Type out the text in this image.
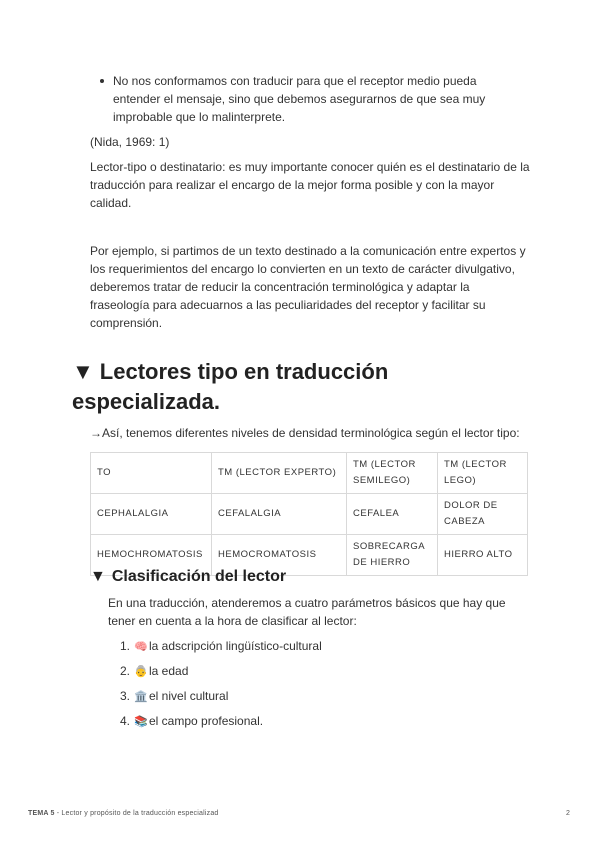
No nos conformamos con traducir para que el receptor medio pueda entender el mensaje, sino que debemos asegurarnos de que sea muy improbable que lo malinterprete.

(Nida, 1969: 1)

Lector-tipo o destinatario: es muy importante conocer quién es el destinatario de la traducción para realizar el encargo de la mejor forma posible y con la mayor calidad.

Por ejemplo, si partimos de un texto destinado a la comunicación entre expertos y los requerimientos del encargo lo convierten en un texto de carácter divulgativo, deberemos tratar de reducir la concentración terminológica y adaptar la fraseología para adecuarnos a las peculiaridades del receptor y facilitar su comprensión.

▼ Lectores tipo en traducción especializada.

→Así, tenemos diferentes niveles de densidad terminológica según el lector tipo:

TO	TM (LECTOR EXPERTO)	TM (LECTOR SEMILEGO)	TM (LECTOR LEGO)
CEPHALALGIA	CEFALALGIA	CEFALEA	DOLOR DE CABEZA
HEMOCHROMATOSIS	HEMOCROMATOSIS	SOBRECARGA DE HIERRO	HIERRO ALTO
▼ Clasificación del lector

En una traducción, atenderemos a cuatro parámetros básicos que hay que tener en cuenta a la hora de clasificar al lector:

1. 🧠la adscripción lingüístico-cultural
2. 👵la edad
3. 🏛️el nivel cultural
4. 📚el campo profesional.
TEMA 5 - Lector y propósito de la traducción especializad	2
